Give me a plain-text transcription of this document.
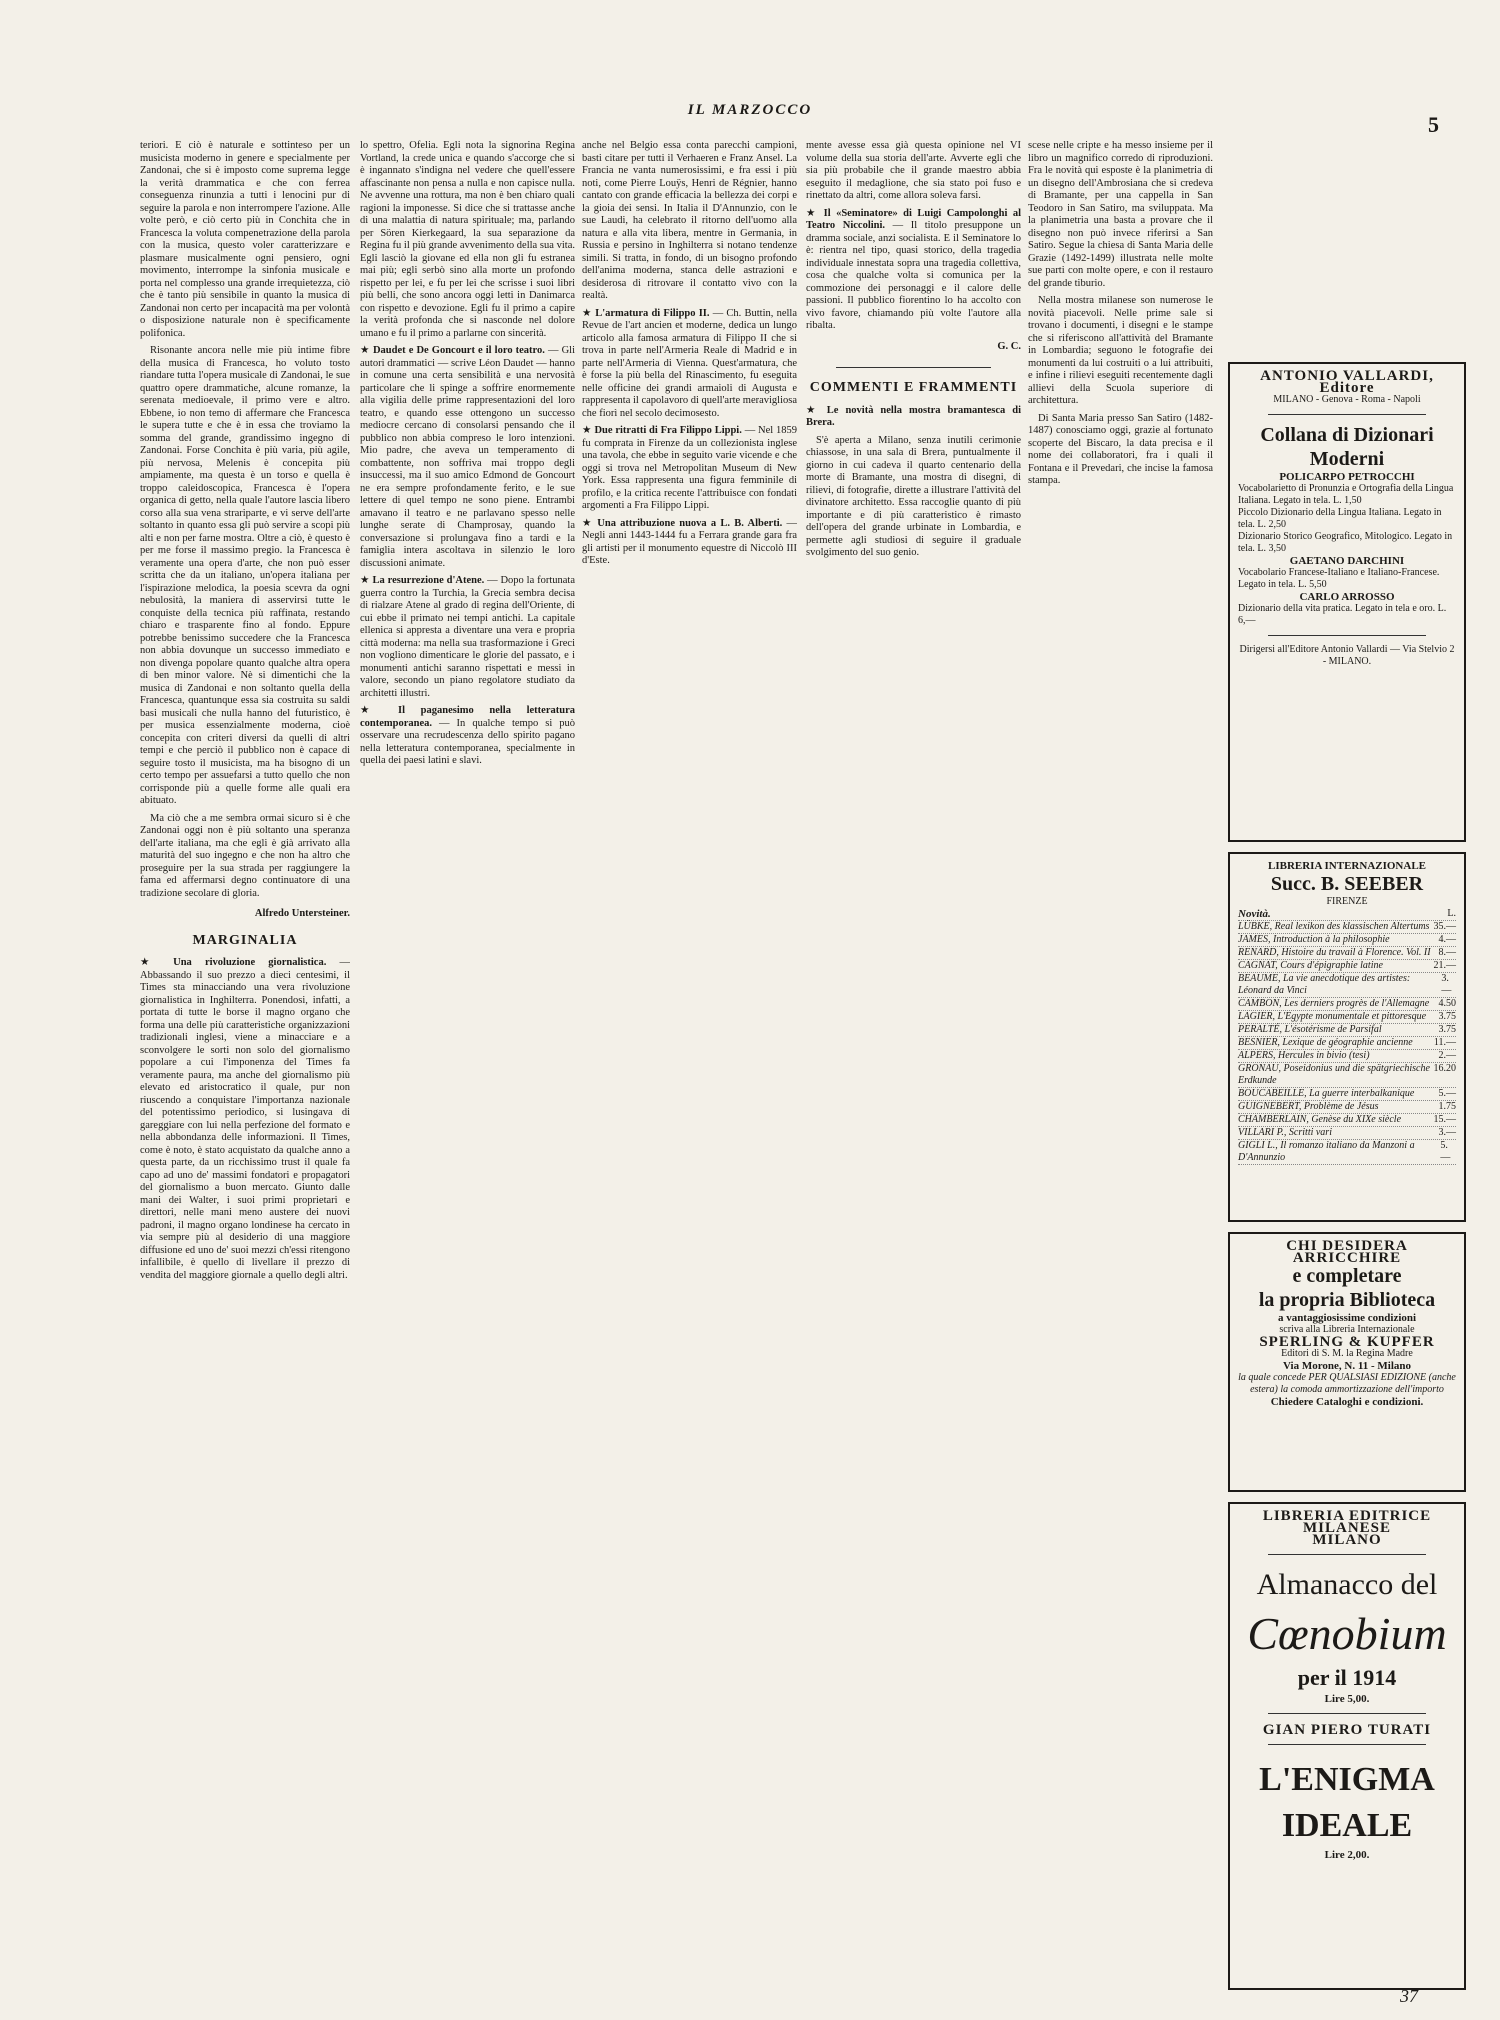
IL MARZOCCO
5
37

teriori. E ciò è naturale e sottinteso per un musicista moderno in genere e specialmente per Zandonai, che si è imposto come suprema legge la verità drammatica e che con ferrea conseguenza rinunzia a tutti i lenocini pur di seguire la parola e non interrompere l'azione. Alle volte però, e ciò certo più in Conchita che in Francesca la voluta compenetrazione della parola con la musica, questo voler caratterizzare e plasmare musicalmente ogni pensiero, ogni movimento, interrompe la sinfonia musicale e porta nel complesso una grande irrequietezza, ciò che è tanto più sensibile in quanto la musica di Zandonai non certo per incapacità ma per volontà o disposizione naturale non è specificamente polifonica.

Risonante ancora nelle mie più intime fibre della musica di Francesca, ho voluto tosto riandare tutta l'opera musicale di Zandonai, le sue quattro opere drammatiche, alcune romanze, la serenata medioevale, il primo vere e altro. Ebbene, io non temo di affermare che Francesca le supera tutte e che è in essa che troviamo la somma del grande, grandissimo ingegno di Zandonai. Forse Conchita è più varia, più agile, più nervosa, Melenis è concepita più ampiamente, ma questa è un torso e quella è troppo caleidoscopica, Francesca è l'opera organica di getto, nella quale l'autore lascia libero corso alla sua vena strariparte, e vi serve dell'arte soltanto in quanto essa gli può servire a scopi più alti e non per farne mostra. Oltre a ciò, è questo è per me forse il massimo pregio. la Francesca è veramente una opera d'arte, che non può esser scritta che da un italiano, un'opera italiana per l'ispirazione melodica, la poesia scevra da ogni nebulosità, la maniera di asservirsi tutte le conquiste della tecnica più raffinata, restando chiaro e trasparente fino al fondo. Eppure potrebbe benissimo succedere che la Francesca non abbia dovunque un successo immediato e non divenga popolare quanto qualche altra opera di ben minor valore. Nè si dimentichi che la musica di Zandonai e non soltanto quella della Francesca, quantunque essa sia costruita su saldi basi musicali che nulla hanno del futuristico, è per musica essenzialmente moderna, cioè concepita con criteri diversi da quelli di altri tempi e che perciò il pubblico non è capace di seguire tosto il musicista, ma ha bisogno di un certo tempo per assuefarsi a tutto quello che non corrisponde più a quelle forme alle quali era abituato.

Ma ciò che a me sembra ormai sicuro si è che Zandonai oggi non è più soltanto una speranza dell'arte italiana, ma che egli è già arrivato alla maturità del suo ingegno e che non ha altro che proseguire per la sua strada per raggiungere la fama ed affermarsi degno continuatore di una tradizione secolare di gloria.

Alfredo Untersteiner.
MARGINALIA

★ Una rivoluzione giornalistica. — Abbassando il suo prezzo a dieci centesimi, il Times sta minacciando una vera rivoluzione giornalistica in Inghilterra. Ponendosi, infatti, a portata di tutte le borse il magno organo che forma una delle più caratteristiche organizzazioni tradizionali inglesi, viene a minacciare e a sconvolgere le sorti non solo del giornalismo popolare a cui l'imponenza del Times fa veramente paura, ma anche del giornalismo più elevato ed aristocratico il quale, pur non riuscendo a conquistare l'importanza nazionale del potentissimo periodico, si lusingava di gareggiare con lui nella perfezione del formato e nella abbondanza delle informazioni. Il Times, come è noto, è stato acquistato da qualche anno a questa parte, da un ricchissimo trust il quale fa capo ad uno de' massimi fondatori e propagatori del giornalismo a buon mercato. Giunto dalle mani dei Walter, i suoi primi proprietari e direttori, nelle mani meno austere dei nuovi padroni, il magno organo londinese ha cercato in via sempre più al desiderio di una maggiore diffusione ed uno de' suoi mezzi ch'essi ritengono infallibile, è quello di livellare il prezzo di vendita del maggiore giornale a quello degli altri.

lo spettro, Ofelia. Egli nota la signorina Regina Vortland, la crede unica e quando s'accorge che si è ingannato s'indigna nel vedere che quell'essere affascinante non pensa a nulla e non capisce nulla. Ne avvenne una rottura, ma non è ben chiaro quali ragioni la imponesse. Si dice che si trattasse anche di una malattia di natura spirituale; ma, parlando per Sören Kierkegaard, la sua separazione da Regina fu il più grande avvenimento della sua vita. Egli lasciò la giovane ed ella non gli fu estranea mai più; egli serbò sino alla morte un profondo rispetto per lei, e fu per lei che scrisse i suoi libri più belli, che sono ancora oggi letti in Danimarca con rispetto e devozione. Egli fu il primo a capire la verità profonda che si nasconde nel dolore umano e fu il primo a parlarne con sincerità.

★ Daudet e De Goncourt e il loro teatro. — Gli autori drammatici — scrive Léon Daudet — hanno in comune una certa sensibilità e una nervosità particolare che li spinge a soffrire enormemente alla vigilia delle prime rappresentazioni del loro teatro, e quando esse ottengono un successo mediocre cercano di consolarsi pensando che il pubblico non abbia compreso le loro intenzioni. Mio padre, che aveva un temperamento di combattente, non soffriva mai troppo degli insuccessi, ma il suo amico Edmond de Goncourt ne era sempre profondamente ferito, e le sue lettere di quel tempo ne sono piene. Entrambi amavano il teatro e ne parlavano spesso nelle lunghe serate di Champrosay, quando la conversazione si prolungava fino a tardi e la famiglia intera ascoltava in silenzio le loro discussioni animate.

★ La resurrezione d'Atene. — Dopo la fortunata guerra contro la Turchia, la Grecia sembra decisa di rialzare Atene al grado di regina dell'Oriente, di cui ebbe il primato nei tempi antichi. La capitale ellenica si appresta a diventare una vera e propria città moderna: ma nella sua trasformazione i Greci non vogliono dimenticare le glorie del passato, e i monumenti antichi saranno rispettati e messi in valore, secondo un piano regolatore studiato da architetti illustri.

★ Il paganesimo nella letteratura contemporanea. — In qualche tempo si può osservare una recrudescenza dello spirito pagano nella letteratura contemporanea, specialmente in quella dei paesi latini e slavi.

anche nel Belgio essa conta parecchi campioni, basti citare per tutti il Verhaeren e Franz Ansel. La Francia ne vanta numerosissimi, e fra essi i più noti, come Pierre Louÿs, Henri de Régnier, hanno cantato con grande efficacia la bellezza dei corpi e la gioia dei sensi. In Italia il D'Annunzio, con le sue Laudi, ha celebrato il ritorno dell'uomo alla natura e alla vita libera, mentre in Germania, in Russia e persino in Inghilterra si notano tendenze simili. Si tratta, in fondo, di un bisogno profondo dell'anima moderna, stanca delle astrazioni e desiderosa di ritrovare il contatto vivo con la realtà.

★ L'armatura di Filippo II. — Ch. Buttin, nella Revue de l'art ancien et moderne, dedica un lungo articolo alla famosa armatura di Filippo II che si trova in parte nell'Armeria Reale di Madrid e in parte nell'Armeria di Vienna. Quest'armatura, che è forse la più bella del Rinascimento, fu eseguita nelle officine dei grandi armaioli di Augusta e rappresenta il capolavoro di quell'arte meravigliosa che fiorì nel secolo decimosesto.

★ Due ritratti di Fra Filippo Lippi. — Nel 1859 fu comprata in Firenze da un collezionista inglese una tavola, che ebbe in seguito varie vicende e che oggi si trova nel Metropolitan Museum di New York. Essa rappresenta una figura femminile di profilo, e la critica recente l'attribuisce con fondati argomenti a Fra Filippo Lippi.

★ Una attribuzione nuova a L. B. Alberti. — Negli anni 1443-1444 fu a Ferrara grande gara fra gli artisti per il monumento equestre di Niccolò III d'Este.

mente avesse essa già questa opinione nel VI volume della sua storia dell'arte. Avverte egli che sia più probabile che il grande maestro abbia eseguito il medaglione, che sia stato poi fuso e rinettato da altri, come allora soleva farsi.

★ Il «Seminatore» di Luigi Campolonghi al Teatro Niccolini. — Il titolo presuppone un dramma sociale, anzi socialista. E il Seminatore lo è: rientra nel tipo, quasi storico, della tragedia individuale innestata sopra una tragedia collettiva, cosa che qualche volta si comunica per la commozione dei personaggi e il calore delle passioni. Il pubblico fiorentino lo ha accolto con vivo favore, chiamando più volte l'autore alla ribalta.

G. C.
COMMENTI E FRAMMENTI

★ Le novità nella mostra bramantesca di Brera.

S'è aperta a Milano, senza inutili cerimonie chiassose, in una sala di Brera, puntualmente il giorno in cui cadeva il quarto centenario della morte di Bramante, una mostra di disegni, di rilievi, di fotografie, dirette a illustrare l'attività del divinatore architetto. Essa raccoglie quanto di più importante e di più caratteristico è rimasto dell'opera del grande urbinate in Lombardia, e permette agli studiosi di seguire il graduale svolgimento del suo genio.

scese nelle cripte e ha messo insieme per il libro un magnifico corredo di riproduzioni. Fra le novità qui esposte è la planimetria di un disegno dell'Ambrosiana che si credeva di Bramante, per una cappella in San Teodoro in San Satiro, ma sviluppata. Ma la planimetria una basta a provare che il disegno non può invece riferirsi a San Satiro. Segue la chiesa di Santa Maria delle Grazie (1492-1499) illustrata nelle molte sue parti con molte opere, e con il restauro del grande tiburio.

Nella mostra milanese son numerose le novità piacevoli. Nelle prime sale si trovano i documenti, i disegni e le stampe che si riferiscono all'attività del Bramante in Lombardia; seguono le fotografie dei monumenti da lui costruiti o a lui attribuiti, e infine i rilievi eseguiti recentemente dagli allievi della Scuola superiore di architettura.

Di Santa Maria presso San Satiro (1482-1487) conosciamo oggi, grazie al fortunato scoperte del Biscaro, la data precisa e il nome dei collaboratori, fra i quali il Fontana e il Prevedari, che incise la famosa stampa.

ANTONIO VALLARDI, Editore
MILANO - Genova - Roma - Napoli
Collana di Dizionari Moderni
POLICARPO PETROCCHI
Vocabolarietto di Pronunzia e Ortografia della Lingua Italiana. Legato in tela. L. 1,50
Piccolo Dizionario della Lingua Italiana. Legato in tela. L. 2,50
Dizionario Storico Geografico, Mitologico. Legato in tela. L. 3,50
GAETANO DARCHINI
Vocabolario Francese-Italiano e Italiano-Francese. Legato in tela. L. 5,50
CARLO ARROSSO
Dizionario della vita pratica. Legato in tela e oro. L. 6,—
Dirigersi all'Editore Antonio Vallardi — Via Stelvio 2 - MILANO.
LIBRERIA INTERNAZIONALE
Succ. B. SEEBER
FIRENZE
Novità.	L.
LÜBKE, Real lexikon des klassischen Altertums 35.—
JAMES, Introduction à la philosophie	4.—
RENARD, Histoire du travail à Florence. Vol. II 8.—
CAGNAT, Cours d'épigraphie latine	21.—
BEAUME, La vie anecdotique des artistes: Léonard da Vinci
3.—
CAMBON, Les derniers progrès de l'Allemagne 4.50
LAGIER, L'Egypte monumentale et pittoresque 3.75
PERALTÉ, L'ésotérisme de Parsifal	3.75
BESNIER, Lexique de géographie ancienne 11.—
ALPERS, Hercules in bivio (tesi)	2.—
GRONAU, Poseidonius und die spätgriechische Erdkunde
16.20
BOUCABEILLE, La guerre interbalkanique 5.—
GUIGNEBERT, Problème de Jésus	1.75
CHAMBERLAIN, Genèse du XIXe siècle	15.—
VILLARI P., Scritti vari	3.—
GIGLI L., Il romanzo italiano da Manzoni a D'Annunzio
5.—
CHI DESIDERA ARRICCHIRE
e completare
la propria Biblioteca
a vantaggiosissime condizioni
scriva alla Libreria Internazionale
SPERLING & KUPFER
Editori di S. M. la Regina Madre
Via Morone, N. 11 - Milano
la quale concede PER QUALSIASI EDIZIONE (anche estera) la comoda ammortizzazione dell'importo
Chiedere Cataloghi e condizioni.
LIBRERIA EDITRICE MILANESE
MILANO
Almanacco del
Cœnobium
per il 1914
Lire 5,00.
GIAN PIERO TURATI
L'ENIGMA IDEALE
Lire 2,00.
